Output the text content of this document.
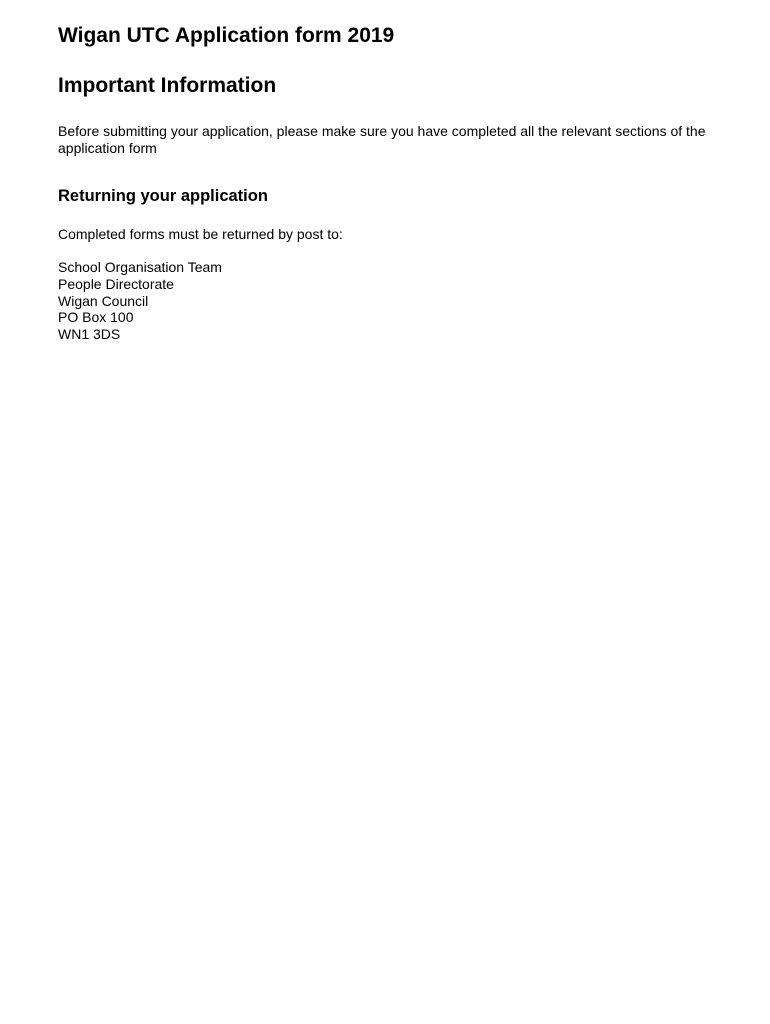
Wigan UTC Application form 2019
Important Information

Before submitting your application, please make sure you have completed all the relevant sections of the application form

Returning your application

Completed forms must be returned by post to:

School Organisation Team
People Directorate
Wigan Council
PO Box 100
WN1 3DS
